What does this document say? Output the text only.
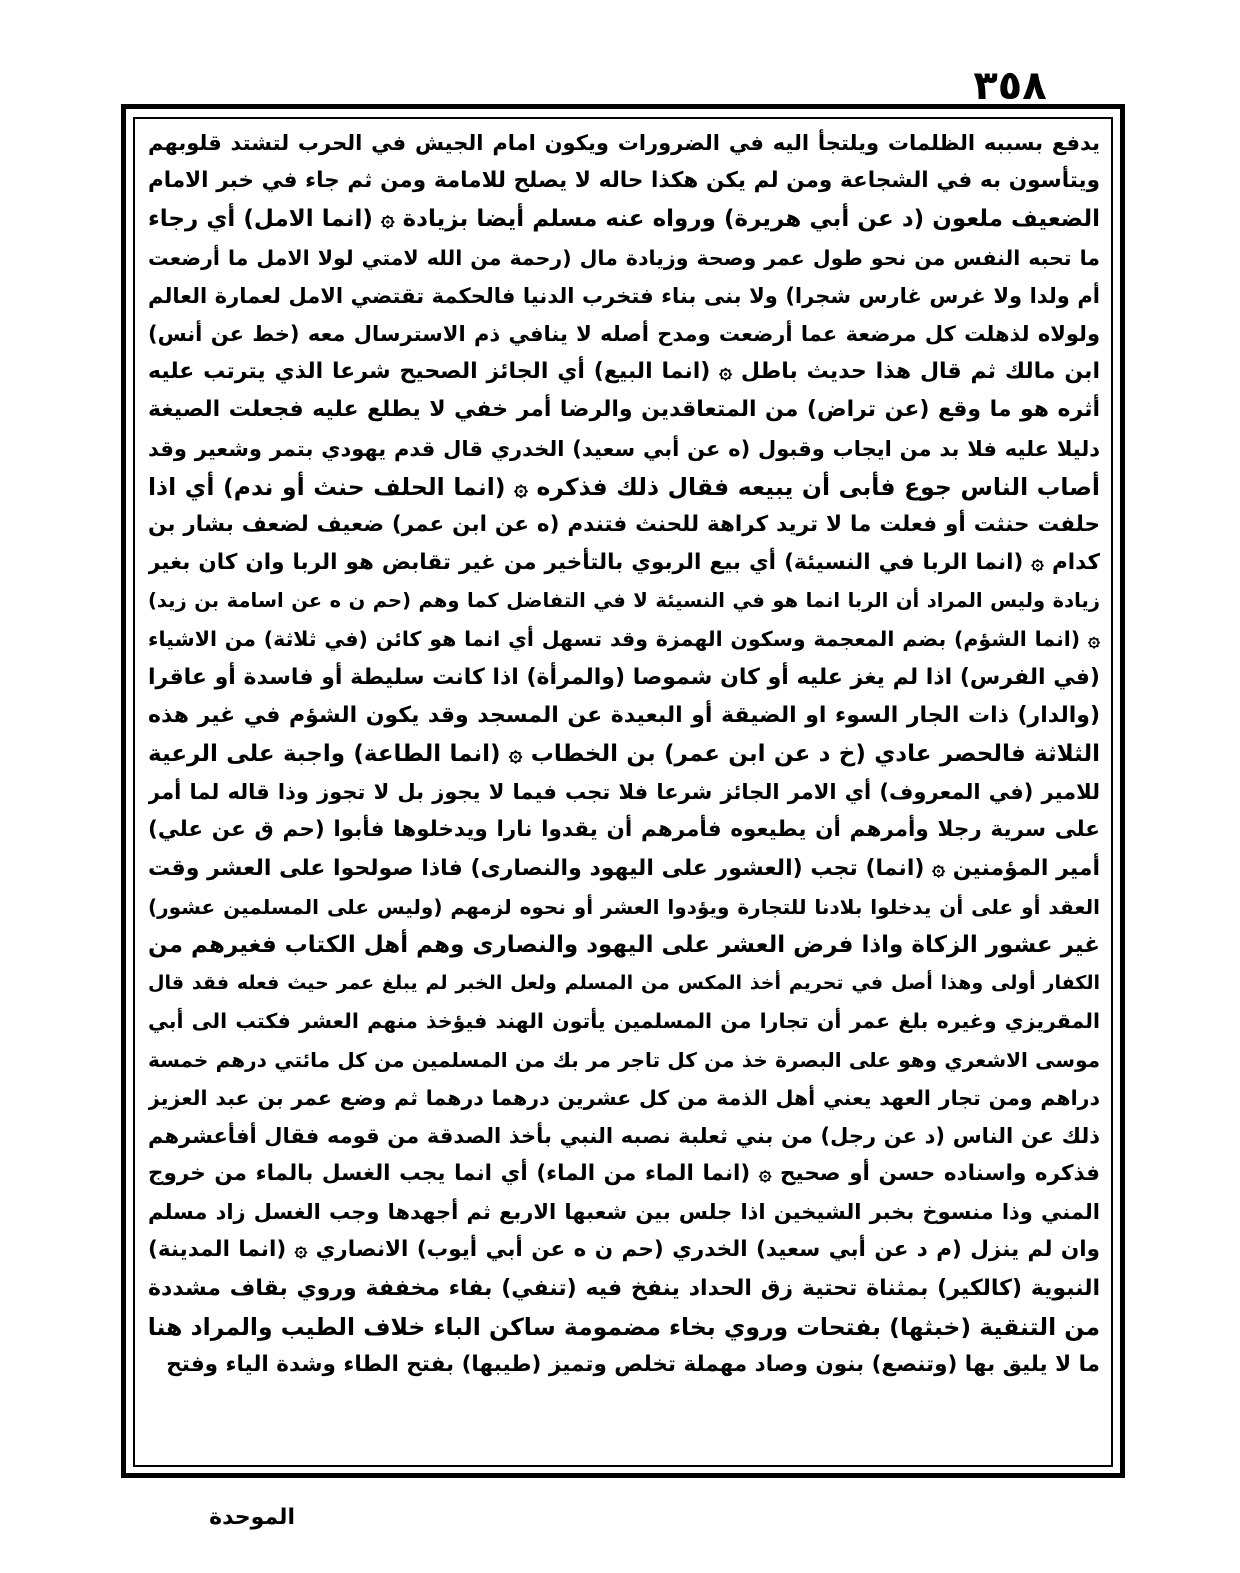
٣٥٨
يدفع بسببه الظلمات ويلتجأ اليه في الضرورات ويكون امام الجيش في الحرب لتشتد قلوبهم
ويتأسون به في الشجاعة ومن لم يكن هكذا حاله لا يصلح للامامة ومن ثم جاء في خبر الامام
الضعيف ملعون (د عن أبي هريرة) ورواه عنه مسلم أيضا بزيادة ۞ (انما الامل) أي رجاء
ما تحبه النفس من نحو طول عمر وصحة وزيادة مال (رحمة من الله لامتي لولا الامل ما أرضعت
أم ولدا ولا غرس غارس شجرا) ولا بنى بناء فتخرب الدنيا فالحكمة تقتضي الامل لعمارة العالم
ولولاه لذهلت كل مرضعة عما أرضعت ومدح أصله لا ينافي ذم الاسترسال معه (خط عن أنس)
ابن مالك ثم قال هذا حديث باطل ۞ (انما البيع) أي الجائز الصحيح شرعا الذي يترتب عليه
أثره هو ما وقع (عن تراض) من المتعاقدين والرضا أمر خفي لا يطلع عليه فجعلت الصيغة
دليلا عليه فلا بد من ايجاب وقبول (ه عن أبي سعيد) الخدري قال قدم يهودي بتمر وشعير وقد
أصاب الناس جوع فأبى أن يبيعه فقال ذلك فذكره ۞ (انما الحلف حنث أو ندم) أي اذا
حلفت حنثت أو فعلت ما لا تريد كراهة للحنث فتندم (ه عن ابن عمر) ضعيف لضعف بشار بن
كدام ۞ (انما الربا في النسيئة) أي بيع الربوي بالتأخير من غير تقابض هو الربا وان كان بغير
زيادة وليس المراد أن الربا انما هو في النسيئة لا في التفاضل كما وهم (حم ن ه عن اسامة بن زيد)
۞ (انما الشؤم) بضم المعجمة وسكون الهمزة وقد تسهل أي انما هو كائن (في ثلاثة) من الاشياء
(في الفرس) اذا لم يغز عليه أو كان شموصا (والمرأة) اذا كانت سليطة أو فاسدة أو عاقرا
(والدار) ذات الجار السوء او الضيقة أو البعيدة عن المسجد وقد يكون الشؤم في غير هذه
الثلاثة فالحصر عادي (خ د عن ابن عمر) بن الخطاب ۞ (انما الطاعة) واجبة على الرعية
للامير (في المعروف) أي الامر الجائز شرعا فلا تجب فيما لا يجوز بل لا تجوز وذا قاله لما أمر
على سرية رجلا وأمرهم أن يطيعوه فأمرهم أن يقدوا نارا ويدخلوها فأبوا (حم ق عن علي)
أمير المؤمنين ۞ (انما) تجب (العشور على اليهود والنصارى) فاذا صولحوا على العشر وقت
العقد أو على أن يدخلوا بلادنا للتجارة ويؤدوا العشر أو نحوه لزمهم (وليس على المسلمين عشور)
غير عشور الزكاة واذا فرض العشر على اليهود والنصارى وهم أهل الكتاب فغيرهم من
الكفار أولى وهذا أصل في تحريم أخذ المكس من المسلم ولعل الخبر لم يبلغ عمر حيث فعله فقد قال
المقريزي وغيره بلغ عمر أن تجارا من المسلمين يأتون الهند فيؤخذ منهم العشر فكتب الى أبي
موسى الاشعري وهو على البصرة خذ من كل تاجر مر بك من المسلمين من كل مائتي درهم خمسة
دراهم ومن تجار العهد يعني أهل الذمة من كل عشرين درهما درهما ثم وضع عمر بن عبد العزيز
ذلك عن الناس (د عن رجل) من بني ثعلبة نصبه النبي بأخذ الصدقة من قومه فقال أفأعشرهم
فذكره واسناده حسن أو صحيح ۞ (انما الماء من الماء) أي انما يجب الغسل بالماء من خروج
المني وذا منسوخ بخبر الشيخين اذا جلس بين شعبها الاربع ثم أجهدها وجب الغسل زاد مسلم
وان لم ينزل (م د عن أبي سعيد) الخدري (حم ن ه عن أبي أيوب) الانصاري ۞ (انما المدينة)
النبوية (كالكير) بمثناة تحتية زق الحداد ينفخ فيه (تنفي) بفاء مخففة وروي بقاف مشددة
من التنقية (خبثها) بفتحات وروي بخاء مضمومة ساكن الباء خلاف الطيب والمراد هنا
ما لا يليق بها (وتنصع) بنون وصاد مهملة تخلص وتميز (طيبها) بفتح الطاء وشدة الياء وفتح
الموحدة
